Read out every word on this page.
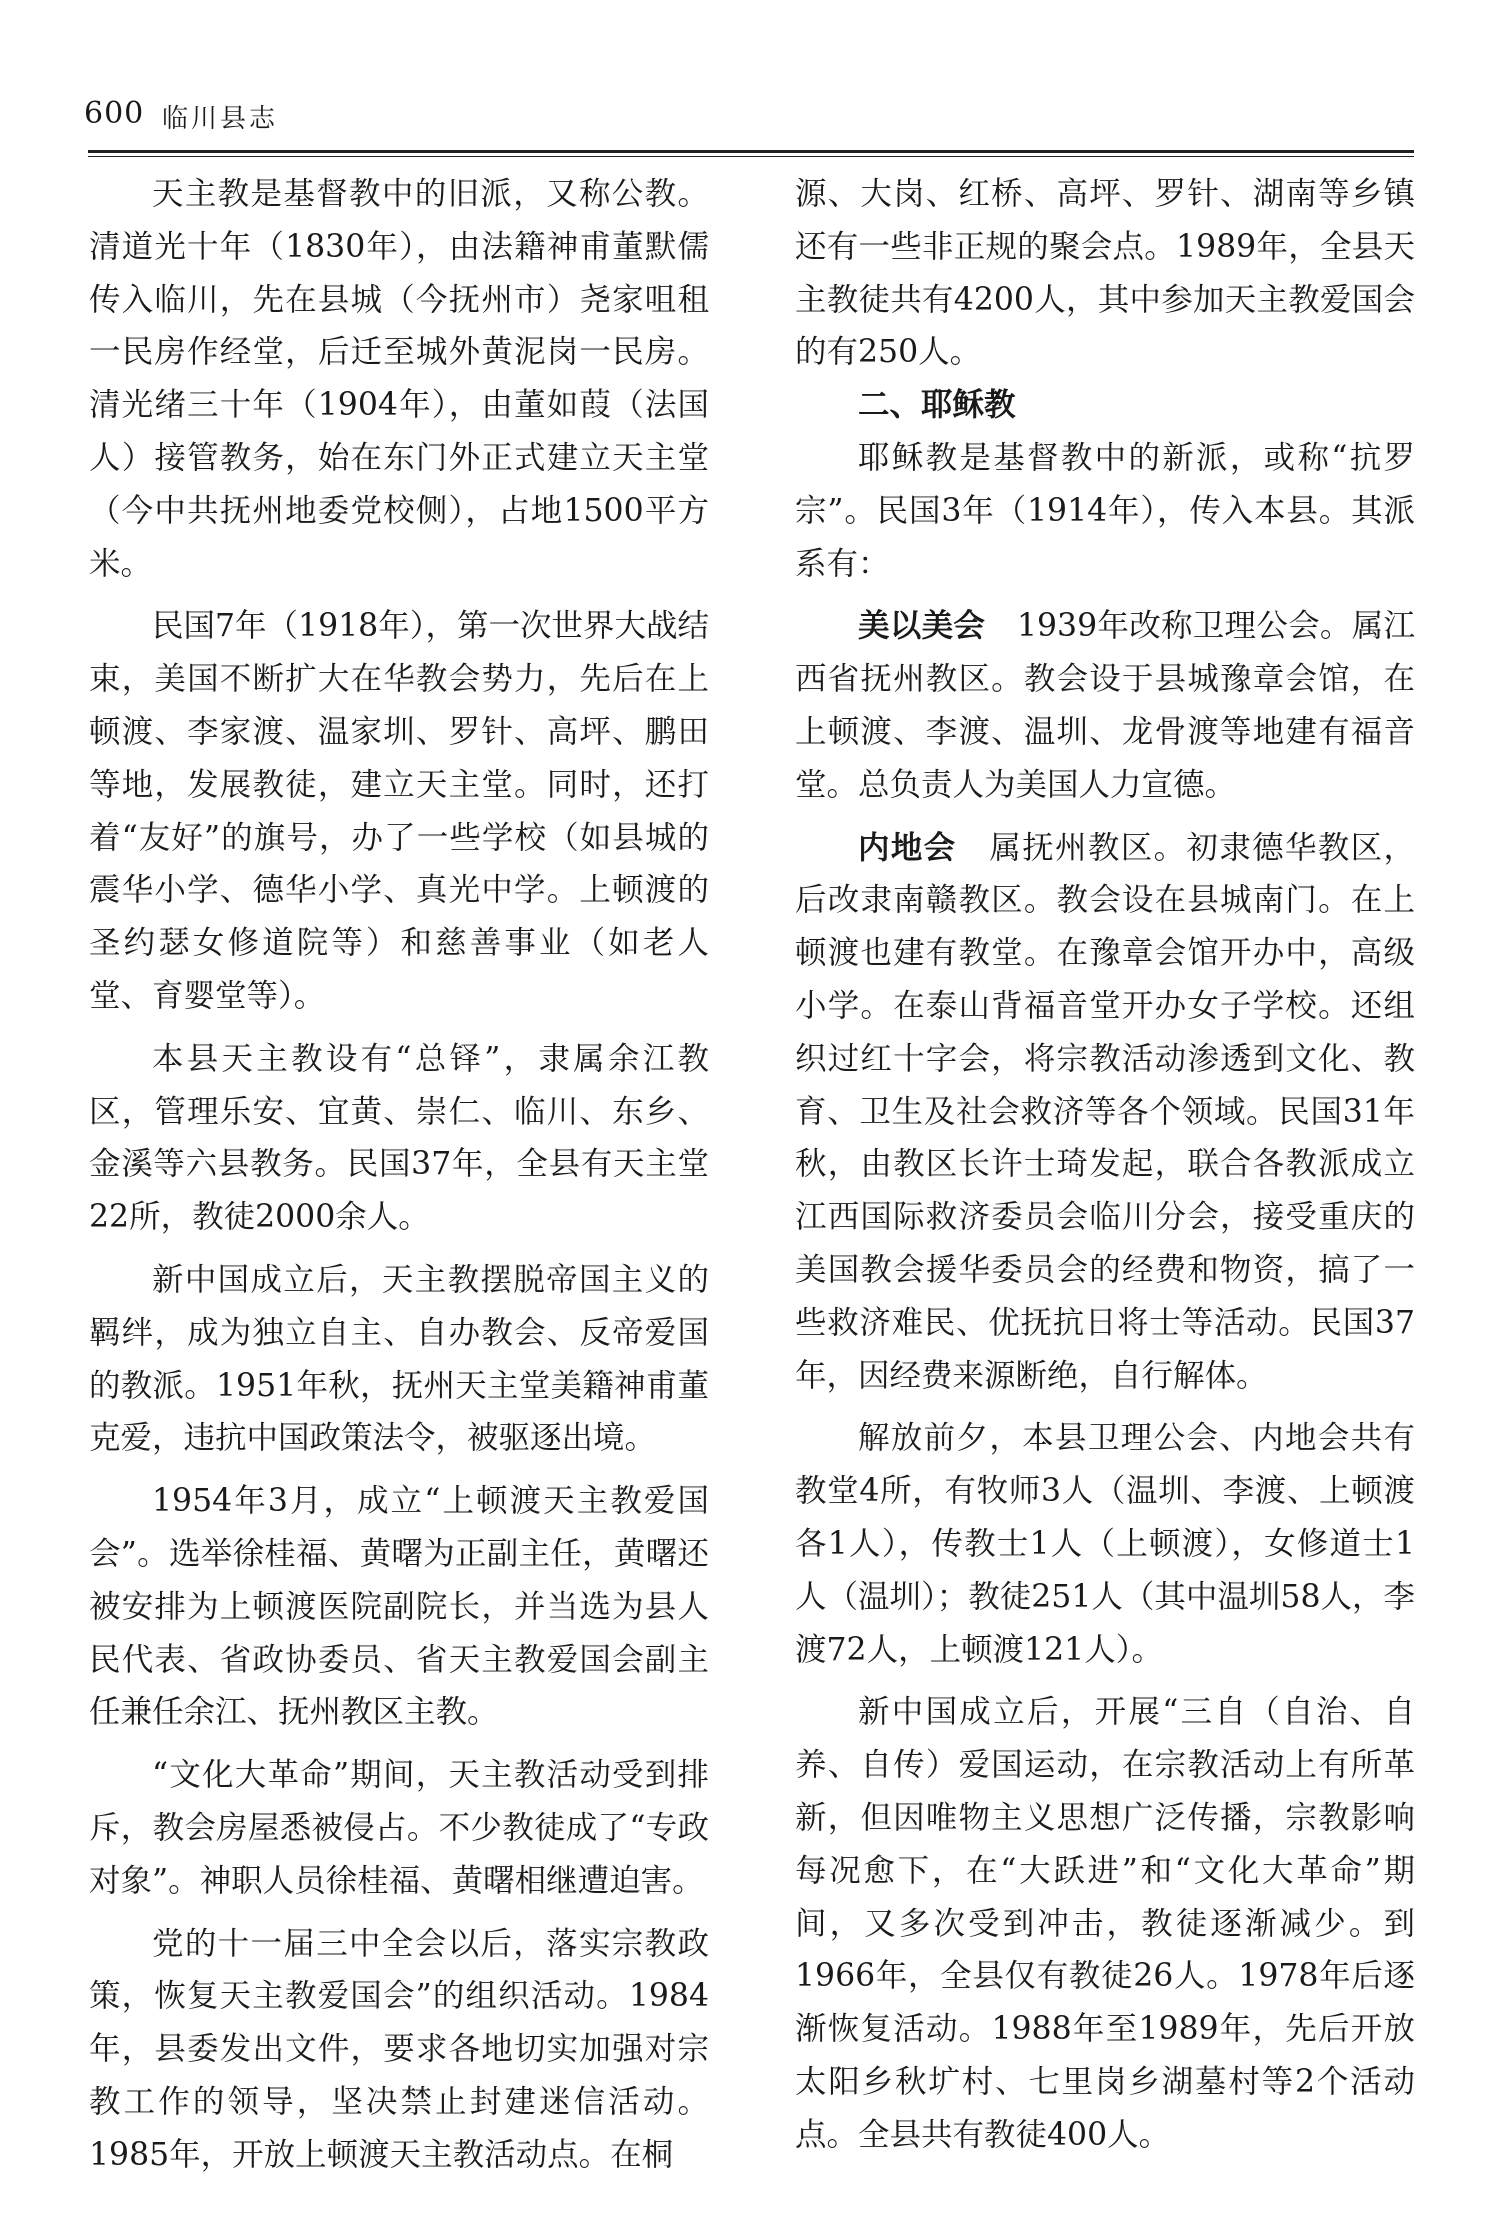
600 临川县志

天主教是基督教中的旧派，又称公教。清道光十年（1830年），由法籍神甫董默儒传入临川，先在县城（今抚州市）尧家咀租一民房作经堂，后迁至城外黄泥岗一民房。清光绪三十年（1904年），由董如葭（法国人）接管教务，始在东门外正式建立天主堂（今中共抚州地委党校侧），占地1500平方米。

民国7年（1918年），第一次世界大战结束，美国不断扩大在华教会势力，先后在上顿渡、李家渡、温家圳、罗针、高坪、鹏田等地，发展教徒，建立天主堂。同时，还打着“友好”的旗号，办了一些学校（如县城的震华小学、德华小学、真光中学。上顿渡的圣约瑟女修道院等）和慈善事业（如老人堂、育婴堂等）。

本县天主教设有“总铎”，隶属余江教区，管理乐安、宜黄、崇仁、临川、东乡、金溪等六县教务。民国37年，全县有天主堂22所，教徒2000余人。

新中国成立后，天主教摆脱帝国主义的羁绊，成为独立自主、自办教会、反帝爱国的教派。1951年秋，抚州天主堂美籍神甫董克爱，违抗中国政策法令，被驱逐出境。

1954年3月，成立“上顿渡天主教爱国会”。选举徐桂福、黄曙为正副主任，黄曙还被安排为上顿渡医院副院长，并当选为县人民代表、省政协委员、省天主教爱国会副主任兼任余江、抚州教区主教。

“文化大革命”期间，天主教活动受到排斥，教会房屋悉被侵占。不少教徒成了“专政对象”。神职人员徐桂福、黄曙相继遭迫害。

党的十一届三中全会以后，落实宗教政策，恢复天主教爱国会”的组织活动。1984年，县委发出文件，要求各地切实加强对宗教工作的领导，坚决禁止封建迷信活动。1985年，开放上顿渡天主教活动点。在桐

源、大岗、红桥、高坪、罗针、湖南等乡镇还有一些非正规的聚会点。1989年，全县天主教徒共有4200人，其中参加天主教爱国会的有250人。

二、耶稣教

耶稣教是基督教中的新派，或称“抗罗宗”。民国3年（1914年），传入本县。其派系有：

美以美会　 1939年改称卫理公会。属江西省抚州教区。教会设于县城豫章会馆，在上顿渡、李渡、温圳、龙骨渡等地建有福音堂。总负责人为美国人力宣德。

内地会　 属抚州教区。初隶德华教区，后改隶南赣教区。教会设在县城南门。在上顿渡也建有教堂。在豫章会馆开办中，高级小学。在泰山背福音堂开办女子学校。还组织过红十字会，将宗教活动渗透到文化、教育、卫生及社会救济等各个领域。民国31年秋，由教区长许士琦发起，联合各教派成立江西国际救济委员会临川分会，接受重庆的美国教会援华委员会的经费和物资，搞了一些救济难民、优抚抗日将士等活动。民国37年，因经费来源断绝，自行解体。

解放前夕，本县卫理公会、内地会共有教堂4所，有牧师3人（温圳、李渡、上顿渡各1人），传教士1人（上顿渡），女修道士1人（温圳）；教徒251人（其中温圳58人，李渡72人，上顿渡121人）。

新中国成立后，开展“三自（自治、自养、自传）爱国运动，在宗教活动上有所革新，但因唯物主义思想广泛传播，宗教影响每况愈下，在“大跃进”和“文化大革命”期间，又多次受到冲击，教徒逐渐减少。到1966年，全县仅有教徒26人。1978年后逐渐恢复活动。1988年至1989年，先后开放太阳乡秋圹村、七里岗乡湖墓村等2个活动点。全县共有教徒400人。
